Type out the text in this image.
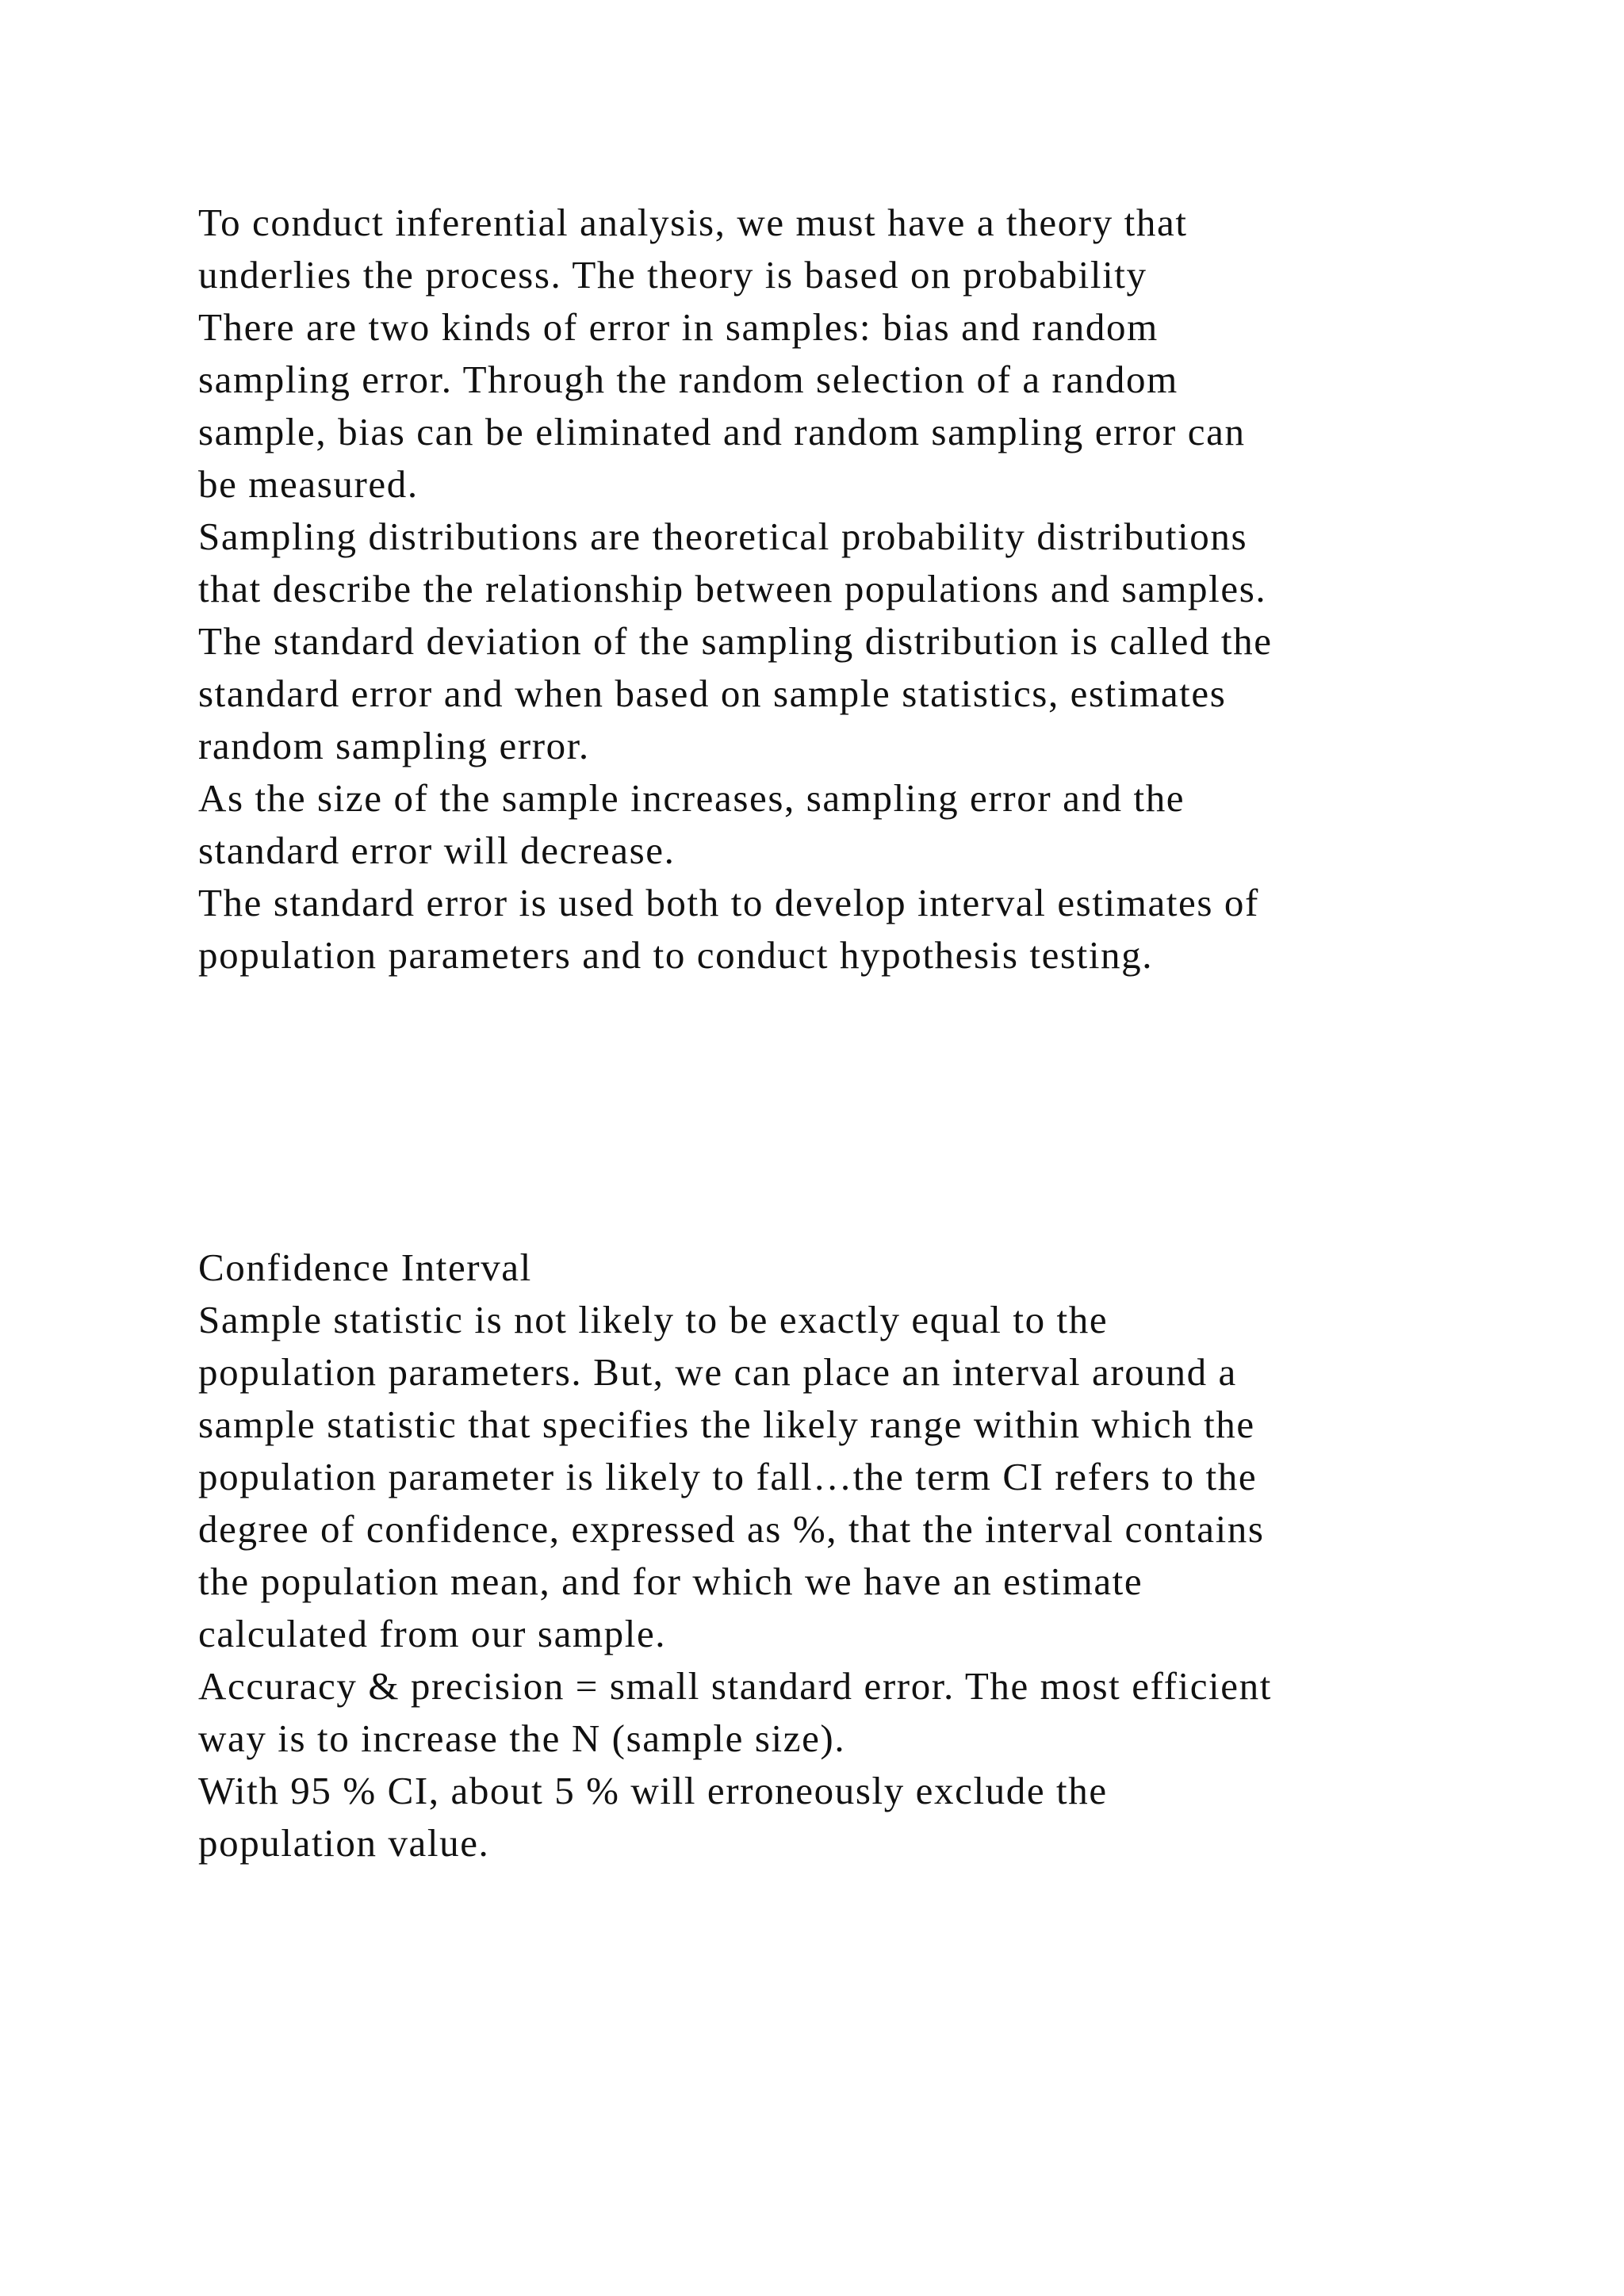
To conduct inferential analysis, we must have a theory that

underlies the process. The theory is based on probability

There are two kinds of error in samples: bias and random

sampling error. Through the random selection of a random

sample, bias can be eliminated and random sampling error can

be measured.

Sampling distributions are theoretical probability distributions

that describe the relationship between populations and samples.

The standard deviation of the sampling distribution is called the

standard error and when based on sample statistics, estimates

random sampling error.

As the size of the sample increases, sampling error and the

standard error will decrease.

The standard error is used both to develop interval estimates of

population parameters and to conduct hypothesis testing.

Confidence Interval

Sample statistic is not likely to be exactly equal to the

population parameters. But, we can place an interval around a

sample statistic that specifies the likely range within which the

population parameter is likely to fall…the term CI refers to the

degree of confidence, expressed as %, that the interval contains

the population mean, and for which we have an estimate

calculated from our sample.

Accuracy & precision = small standard error. The most efficient

way is to increase the N (sample size).

With 95 % CI, about 5 % will erroneously exclude the

population value.
